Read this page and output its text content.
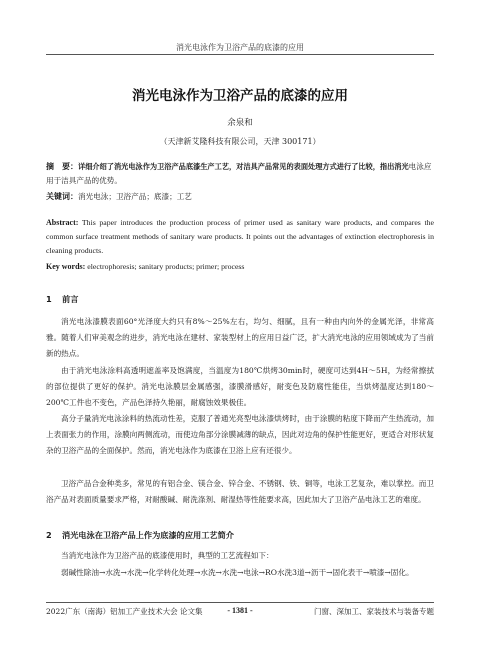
消光电泳作为卫浴产品的底漆的应用
消光电泳作为卫浴产品的底漆的应用
余泉和
（天津新艾隆科技有限公司，天津 300171）
摘　要：详细介绍了消光电泳作为卫浴产品底漆生产工艺，对洁具产品常见的表面处理方式进行了比较，指出消光电泳应用于洁具产品的优势。
关键词：消光电泳；卫浴产品；底漆；工艺
Abstract: This paper introduces the production process of primer used as sanitary ware products, and compares the common surface treatment methods of sanitary ware products. It points out the advantages of extinction electrophoresis in cleaning products.
Key words: electrophoresis; sanitary products; primer; process
1 前言
消光电泳漆膜表面60°光泽度大约只有8%～25%左右，均匀、细腻，且有一种由内向外的金属光泽，非常高雅。随着人们审美观念的进步，消光电泳在建材、家装型材上的应用日益广泛，扩大消光电泳的应用领域成为了当前新的热点。
由于消光电泳涂料高透明遮盖率及饱满度，当温度为180℃烘烤30min时，硬度可达到4H～5H，为经常擦拭的部位提供了更好的保护。消光电泳膜层金属感强，漆膜滑感好，耐变色及防腐性能佳，当烘烤温度达到180～200℃工件也不变色，产品色泽持久艳丽，耐腐蚀效果极佳。
高分子量消光电泳涂料的热流动性差，克服了普通光亮型电泳漆烘烤时，由于涂膜的粘度下降而产生热流动，加上表面张力的作用，涂膜向两侧流动，而使边角部分涂膜减薄的缺点，因此对边角的保护性能更好，更适合对形状复杂的卫浴产品的全面保护。然而，消光电泳作为底漆在卫浴上应有还很少。
卫浴产品合金种类多，常见的有铝合金、镁合金、锌合金、不锈钢、铁、铜等，电泳工艺复杂，难以掌控。而卫浴产品对表面质量要求严格，对耐酸碱、耐洗涤剂、耐湿热等性能要求高，因此加大了卫浴产品电泳工艺的难度。
2 消光电泳在卫浴产品上作为底漆的应用工艺简介
当消光电泳作为卫浴产品的底漆使用时，典型的工艺流程如下：
弱碱性除油→水洗→水洗→化学转化处理→水洗→水洗→电泳→RO水洗3道→沥干→固化表干→喷漆→固化。
2022广东（南海）铝加工产业技术大会 论文集	- 1381 -	门窗、深加工、家装技术与装备专题
